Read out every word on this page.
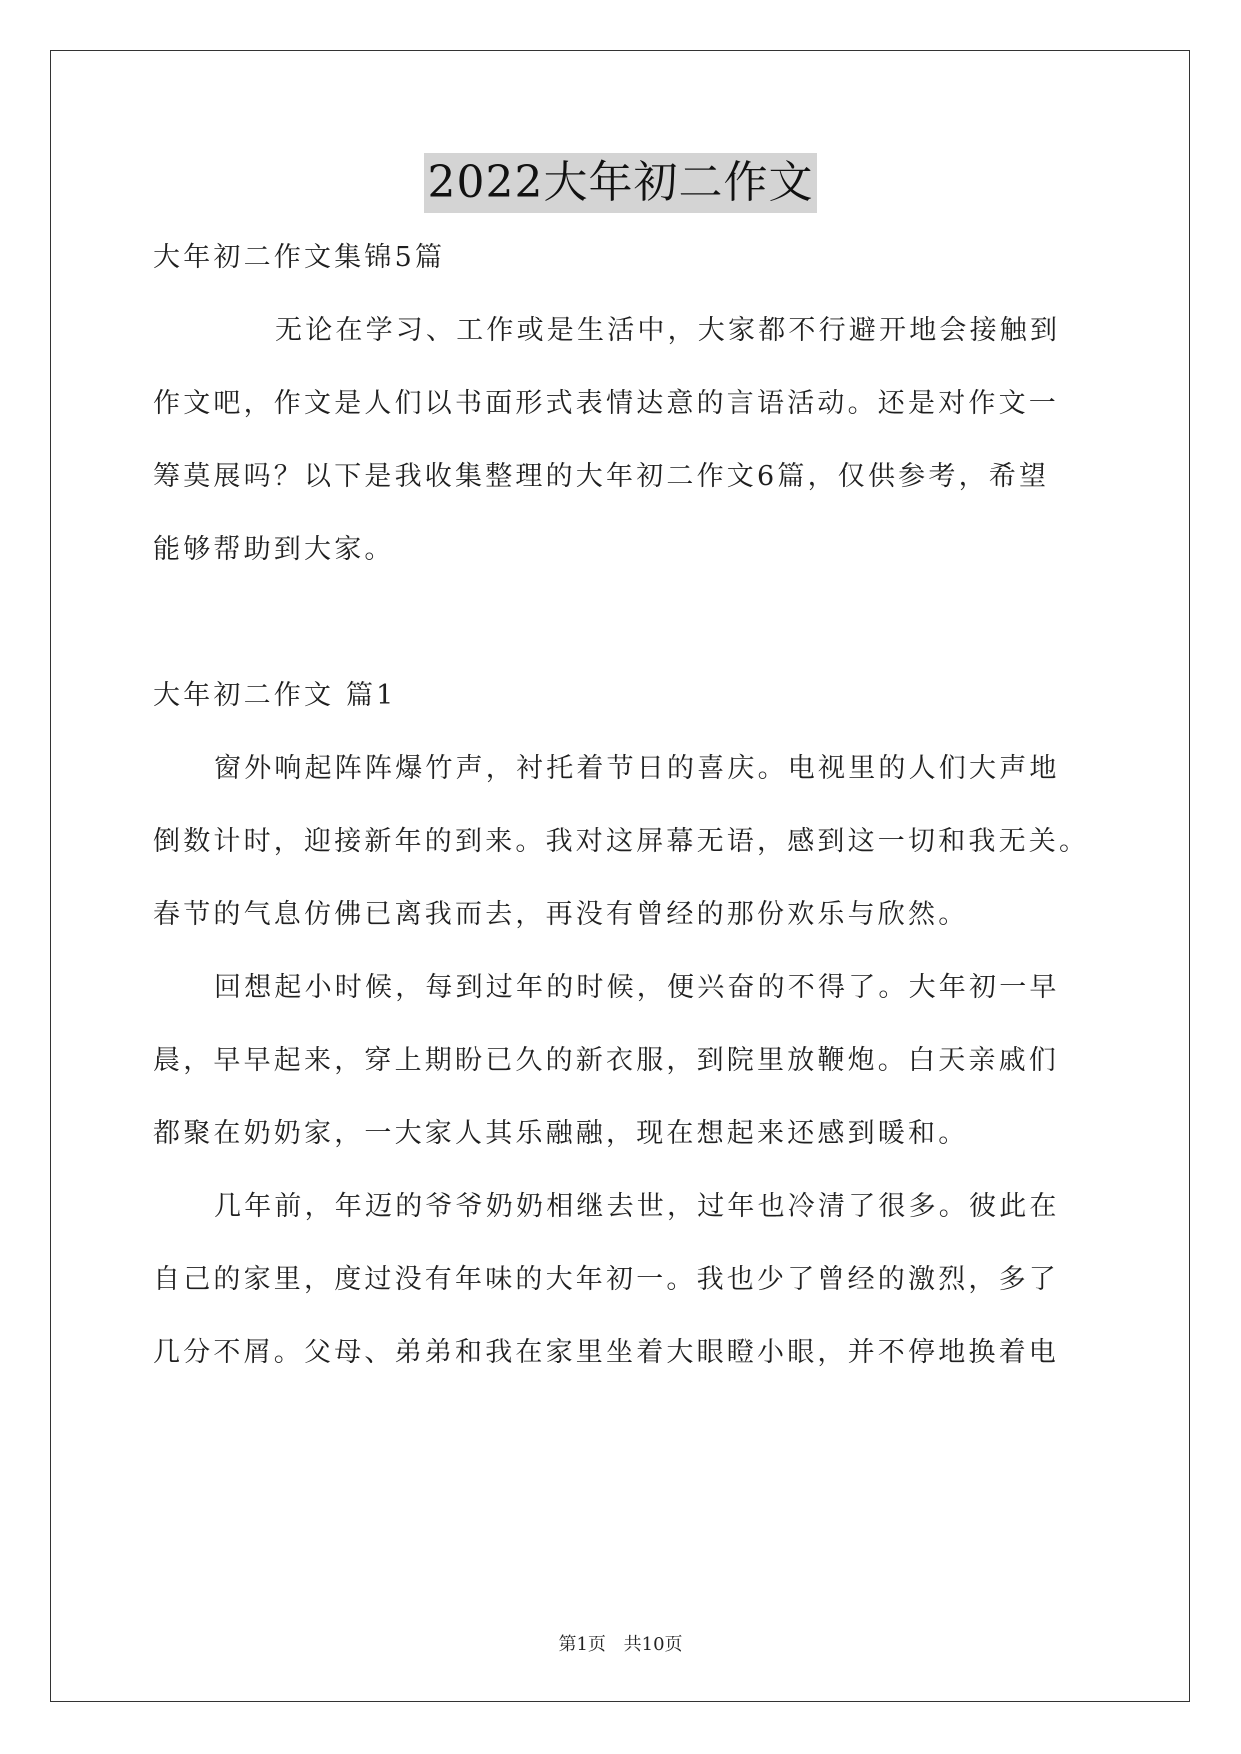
2022大年初二作文
大年初二作文集锦5篇
无论在学习、工作或是生活中，大家都不行避开地会接触到
作文吧，作文是人们以书面形式表情达意的言语活动。还是对作文一
筹莫展吗？以下是我收集整理的大年初二作文6篇，仅供参考，希望
能够帮助到大家。
大年初二作文 篇1
窗外响起阵阵爆竹声，衬托着节日的喜庆。电视里的人们大声地
倒数计时，迎接新年的到来。我对这屏幕无语，感到这一切和我无关。
春节的气息仿佛已离我而去，再没有曾经的那份欢乐与欣然。
回想起小时候，每到过年的时候，便兴奋的不得了。大年初一早
晨，早早起来，穿上期盼已久的新衣服，到院里放鞭炮。白天亲戚们
都聚在奶奶家，一大家人其乐融融，现在想起来还感到暖和。
几年前，年迈的爷爷奶奶相继去世，过年也冷清了很多。彼此在
自己的家里，度过没有年味的大年初一。我也少了曾经的激烈，多了
几分不屑。父母、弟弟和我在家里坐着大眼瞪小眼，并不停地换着电
第1页 共10页
